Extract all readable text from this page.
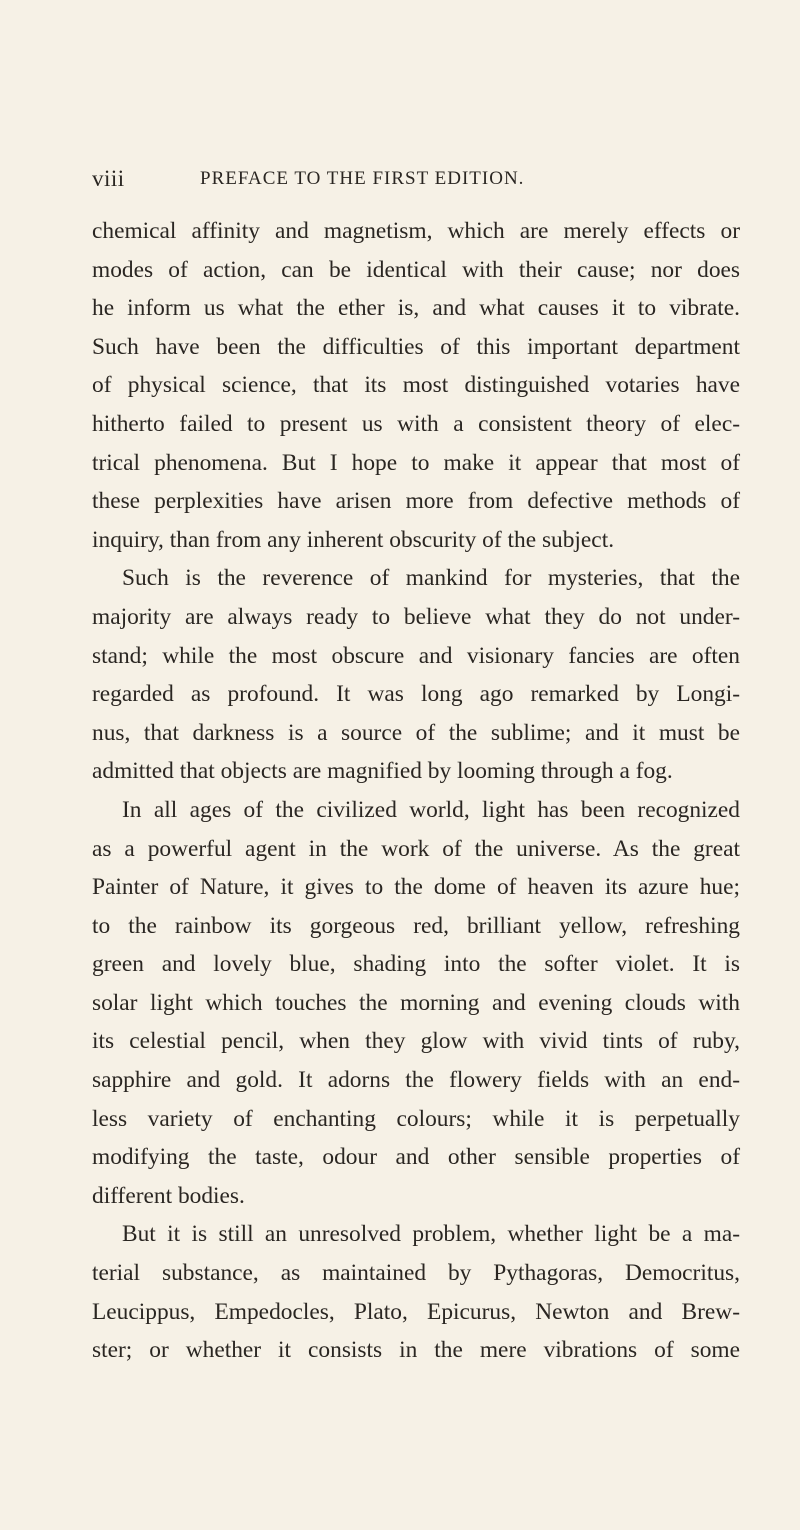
viii	PREFACE TO THE FIRST EDITION.
chemical affinity and magnetism, which are merely effects or
modes of action, can be identical with their cause; nor does
he inform us what the ether is, and what causes it to vibrate.
Such have been the difficulties of this important department
of physical science, that its most distinguished votaries have
hitherto failed to present us with a consistent theory of elec-
trical phenomena. But I hope to make it appear that most of
these perplexities have arisen more from defective methods of
inquiry, than from any inherent obscurity of the subject.
Such is the reverence of mankind for mysteries, that the
majority are always ready to believe what they do not under-
stand; while the most obscure and visionary fancies are often
regarded as profound. It was long ago remarked by Longi-
nus, that darkness is a source of the sublime; and it must be
admitted that objects are magnified by looming through a fog.
In all ages of the civilized world, light has been recognized
as a powerful agent in the work of the universe. As the great
Painter of Nature, it gives to the dome of heaven its azure hue;
to the rainbow its gorgeous red, brilliant yellow, refreshing
green and lovely blue, shading into the softer violet. It is
solar light which touches the morning and evening clouds with
its celestial pencil, when they glow with vivid tints of ruby,
sapphire and gold. It adorns the flowery fields with an end-
less variety of enchanting colours; while it is perpetually
modifying the taste, odour and other sensible properties of
different bodies.
But it is still an unresolved problem, whether light be a ma-
terial substance, as maintained by Pythagoras, Democritus,
Leucippus, Empedocles, Plato, Epicurus, Newton and Brew-
ster; or whether it consists in the mere vibrations of some
